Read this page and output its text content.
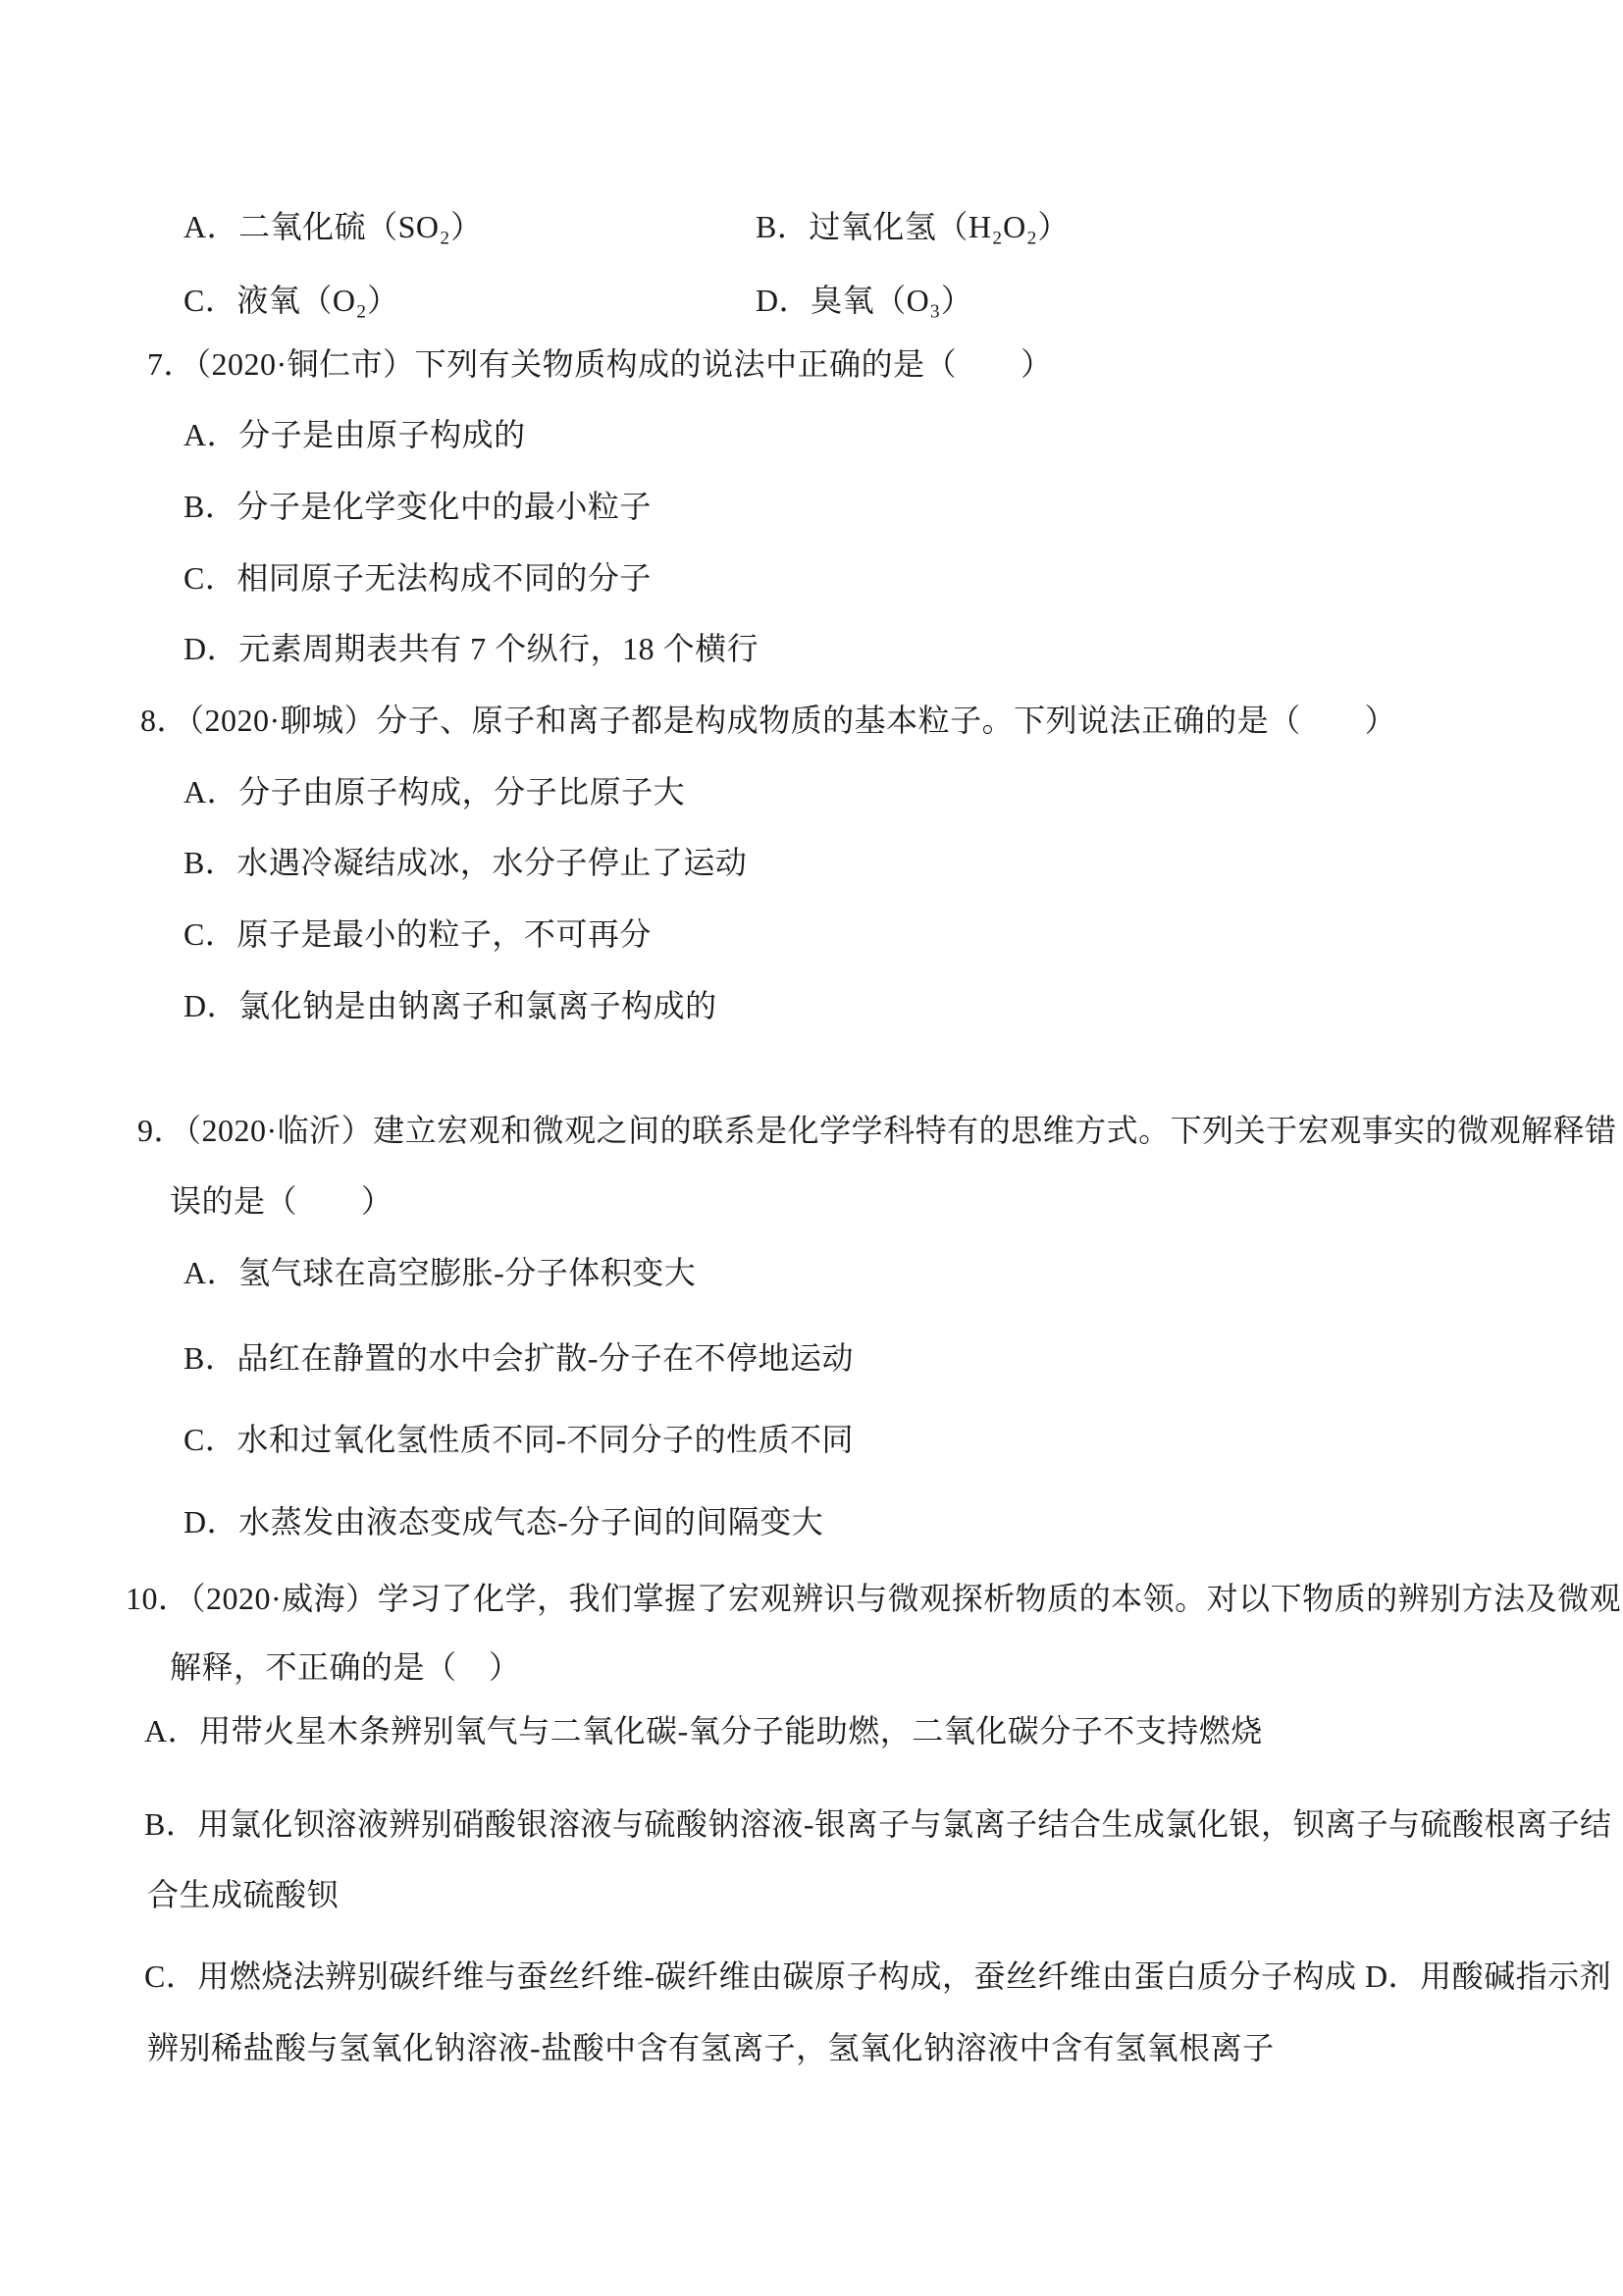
A．二氧化硫（SO₂）	B．过氧化氢（H₂O₂）
C．液氧（O₂）	D．臭氧（O₃）
7．（2020·铜仁市）下列有关物质构成的说法中正确的是（　　）
A．分子是由原子构成的
B．分子是化学变化中的最小粒子
C．相同原子无法构成不同的分子
D．元素周期表共有 7 个纵行，18 个横行
8．（2020·聊城）分子、原子和离子都是构成物质的基本粒子。下列说法正确的是（　　）
A．分子由原子构成，分子比原子大
B．水遇冷凝结成冰，水分子停止了运动
C．原子是最小的粒子，不可再分
D．氯化钠是由钠离子和氯离子构成的
9．（2020·临沂）建立宏观和微观之间的联系是化学学科特有的思维方式。下列关于宏观事实的微观解释错
误的是（　　）
A．氢气球在高空膨胀-分子体积变大
B．品红在静置的水中会扩散-分子在不停地运动
C．水和过氧化氢性质不同-不同分子的性质不同
D．水蒸发由液态变成气态-分子间的间隔变大
10．（2020·威海）学习了化学，我们掌握了宏观辨识与微观探析物质的本领。对以下物质的辨别方法及微观
解释，不正确的是（　）
A．用带火星木条辨别氧气与二氧化碳-氧分子能助燃，二氧化碳分子不支持燃烧
B．用氯化钡溶液辨别硝酸银溶液与硫酸钠溶液-银离子与氯离子结合生成氯化银，钡离子与硫酸根离子结
合生成硫酸钡
C．用燃烧法辨别碳纤维与蚕丝纤维-碳纤维由碳原子构成，蚕丝纤维由蛋白质分子构成 D．用酸碱指示剂
辨别稀盐酸与氢氧化钠溶液-盐酸中含有氢离子，氢氧化钠溶液中含有氢氧根离子
